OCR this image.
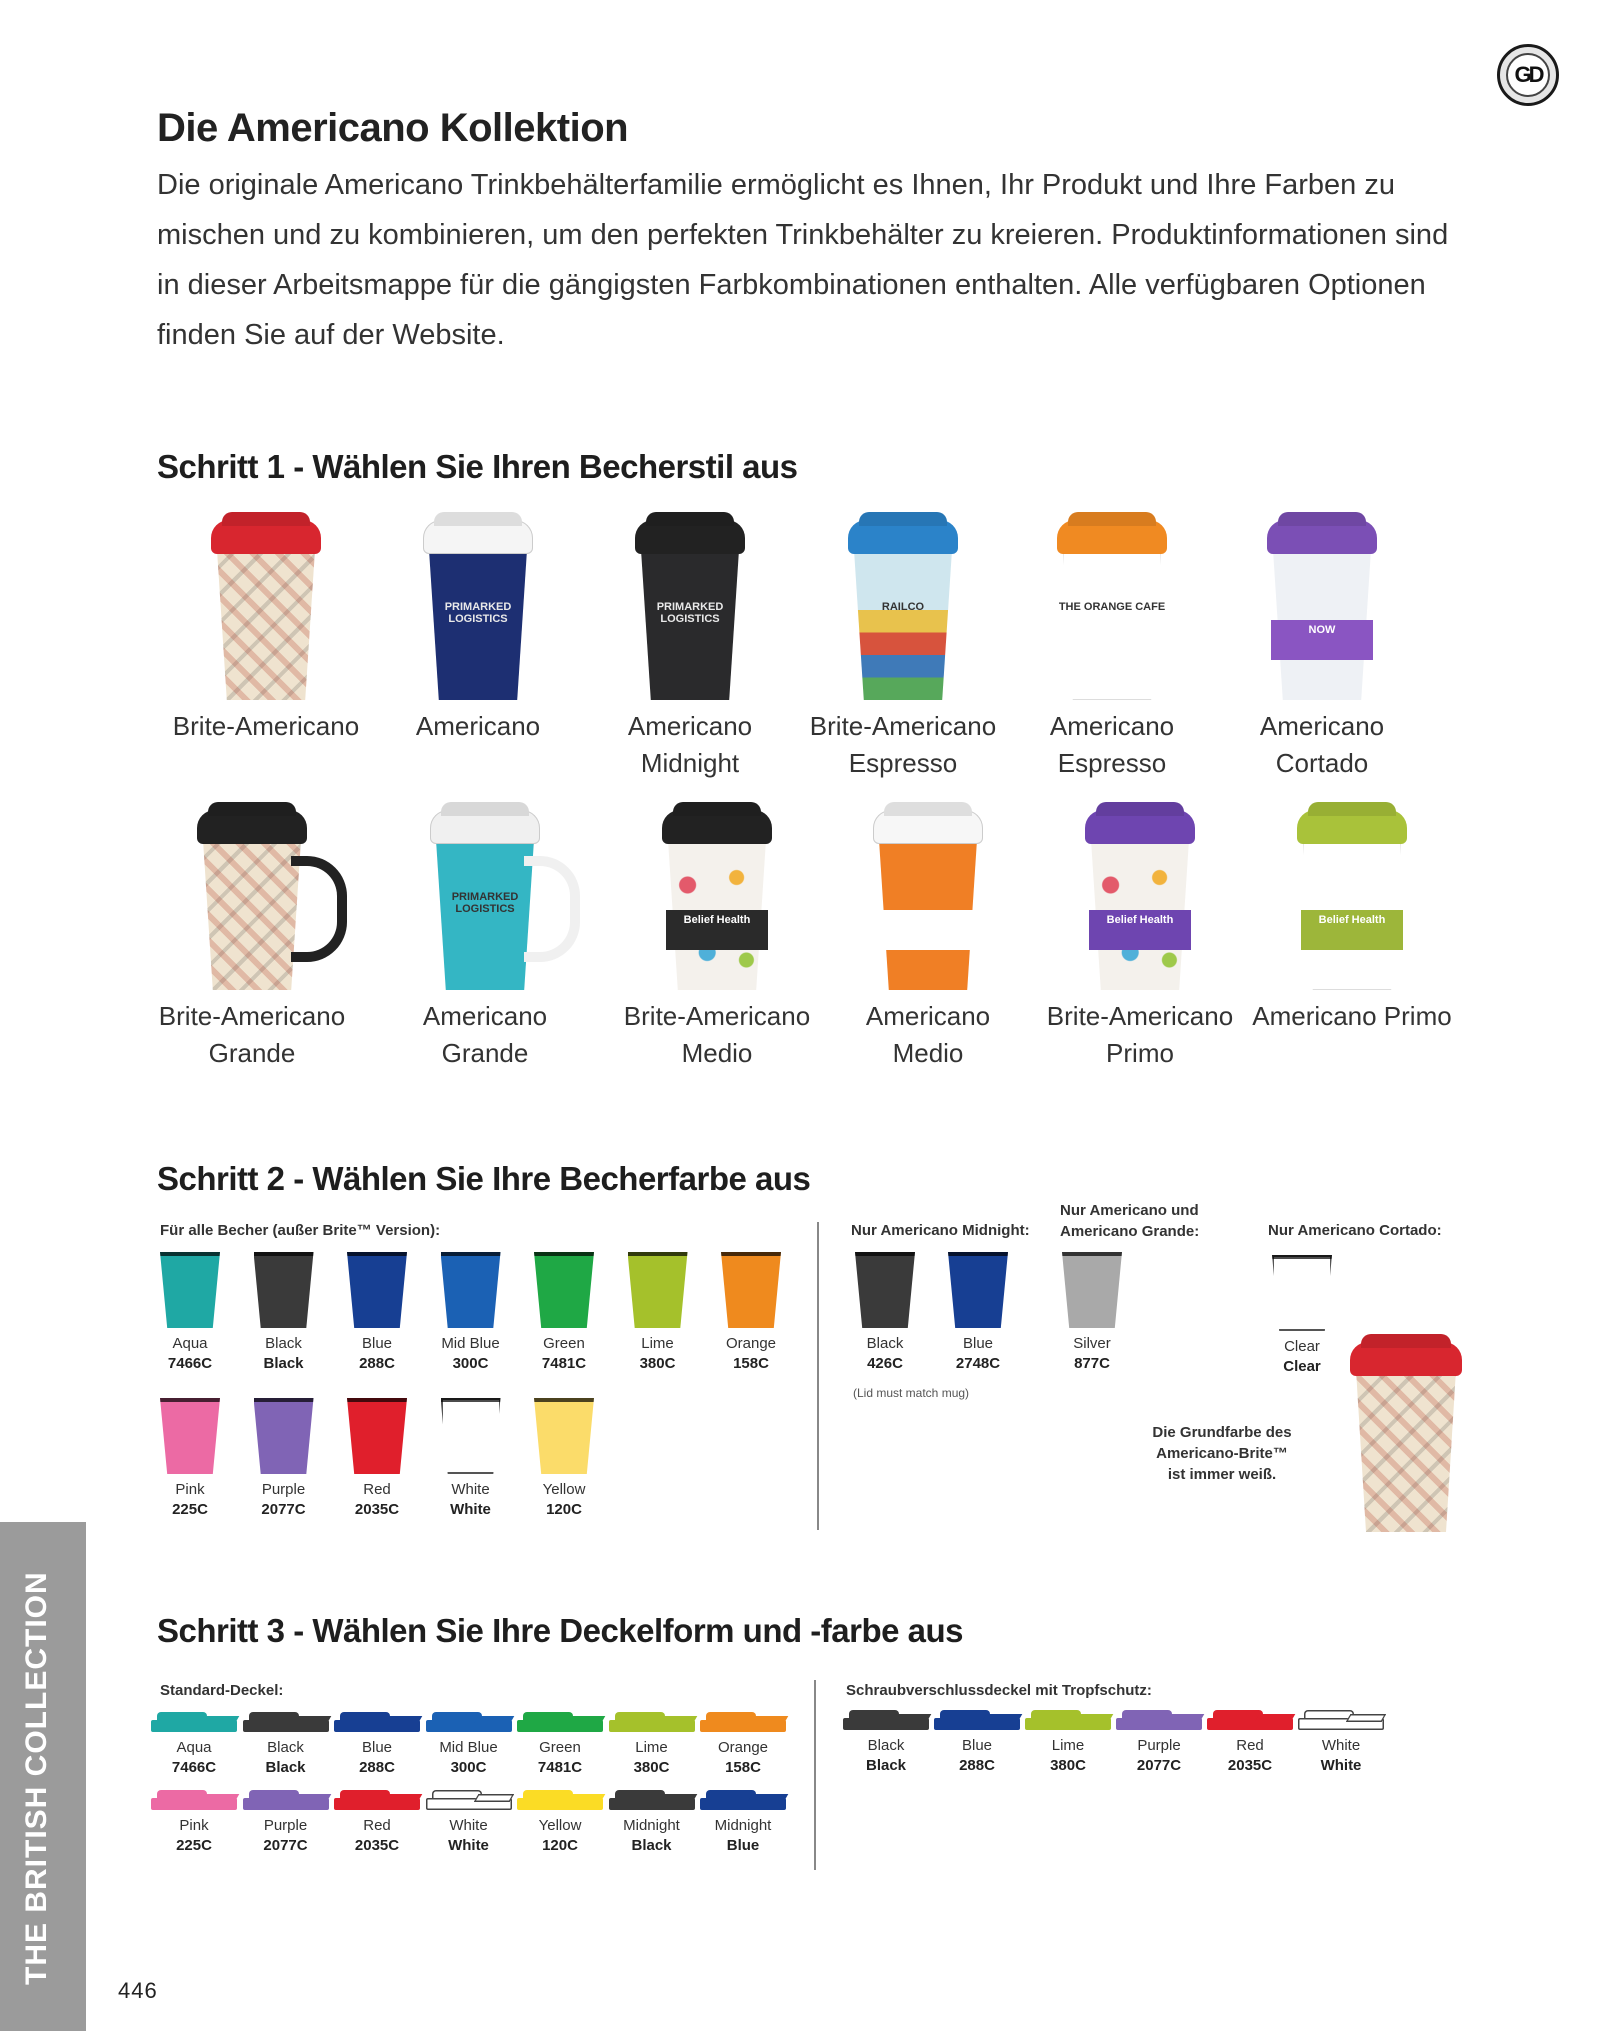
GD
Die Americano Kollektion
Die originale Americano Trinkbehälterfamilie ermöglicht es Ihnen, Ihr Produkt und Ihre Farben zu mischen und zu kombinieren, um den perfekten Trinkbehälter zu kreieren. Produktinformationen sind in dieser Arbeitsmappe für die gängigsten Farbkombinationen enthalten. Alle verfügbaren Optionen finden Sie auf der Website.
Schritt 1 - Wählen Sie Ihren Becherstil aus
Brite-Americano
PRIMARKED LOGISTICS
Americano
PRIMARKED LOGISTICS
Americano Midnight
RAILCO
Brite-Americano Espresso
THE ORANGE CAFE
Americano Espresso
NOW
Americano Cortado
Brite-Americano Grande
PRIMARKED LOGISTICS
Americano Grande
Belief Health
Brite-Americano Medio
Belief Health
Americano Medio
Belief Health
Brite-Americano Primo
Belief Health
Americano Primo
Schritt 2 - Wählen Sie Ihre Becherfarbe aus
Für alle Becher (außer Brite™ Version):
Aqua
7466C
Black
Black
Blue
288C
Mid Blue
300C
Green
7481C
Lime
380C
Orange
158C
Pink
225C
Purple
2077C
Red
2035C
White
White
Yellow
120C
Nur Americano Midnight:
Nur Americano und Americano Grande:	Nur Americano Cortado:
(Lid must match mug)
Black
426C
Blue
2748C
Silver
877C
Clear
Clear
Die Grundfarbe des Americano-Brite™ ist immer weiß.
Schritt 3 - Wählen Sie Ihre Deckelform und -farbe aus
Standard-Deckel:	Schraubverschlussdeckel mit Tropfschutz:
Aqua
7466C
Black
Black
Blue
288C
Mid Blue
300C
Green
7481C
Lime
380C
Orange
158C
Pink
225C
Purple
2077C
Red
2035C
White
White
Yellow
120C
Midnight
Black
Midnight
Blue
Black
Black
Blue
288C
Lime
380C
Purple
2077C
Red
2035C
White
White
THE BRITISH COLLECTION
446
